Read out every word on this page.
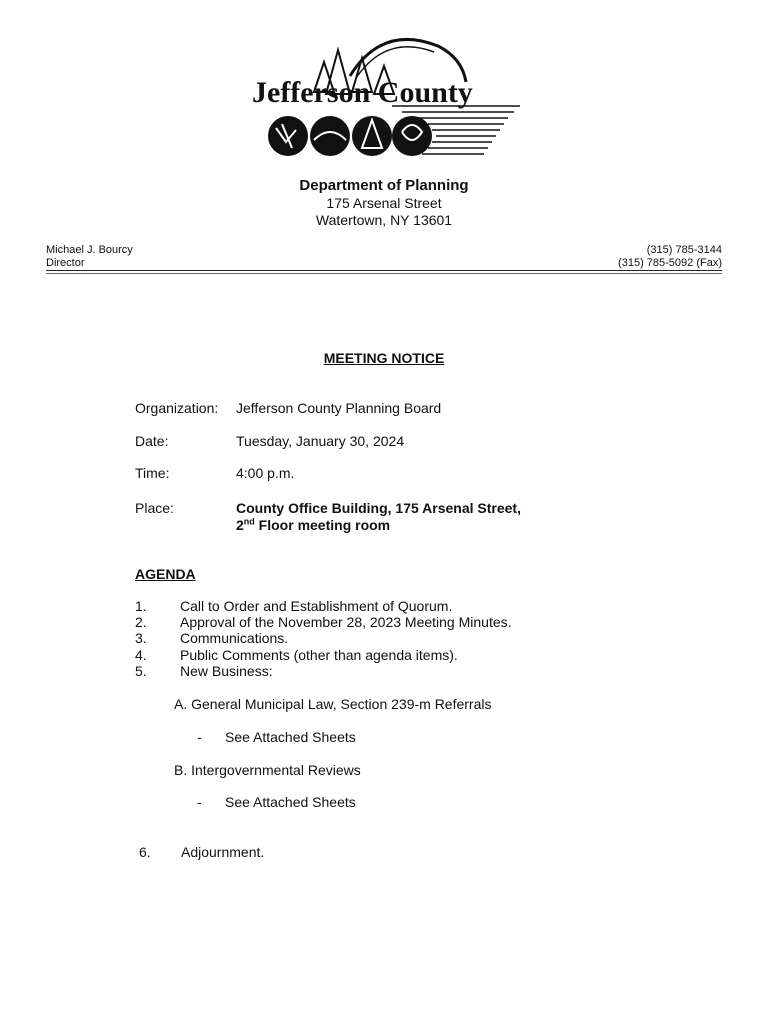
Jefferson County
Department of Planning
175 Arsenal Street
Watertown, NY 13601
Michael J. Bourcy
Director
(315) 785-3144
(315) 785-5092 (Fax)
MEETING NOTICE
Organization: Jefferson County Planning Board
Date:	Tuesday, January 30, 2024
Time:	4:00 p.m.
Place:	County Office Building, 175 Arsenal Street,
2nd Floor meeting room
AGENDA
1. Call to Order and Establishment of Quorum.
2. Approval of the November 28, 2023 Meeting Minutes.
3. Communications.
4. Public Comments (other than agenda items).
5. New Business:
A. General Municipal Law, Section 239-m Referrals
- See Attached Sheets
B. Intergovernmental Reviews
- See Attached Sheets
6. Adjournment.
